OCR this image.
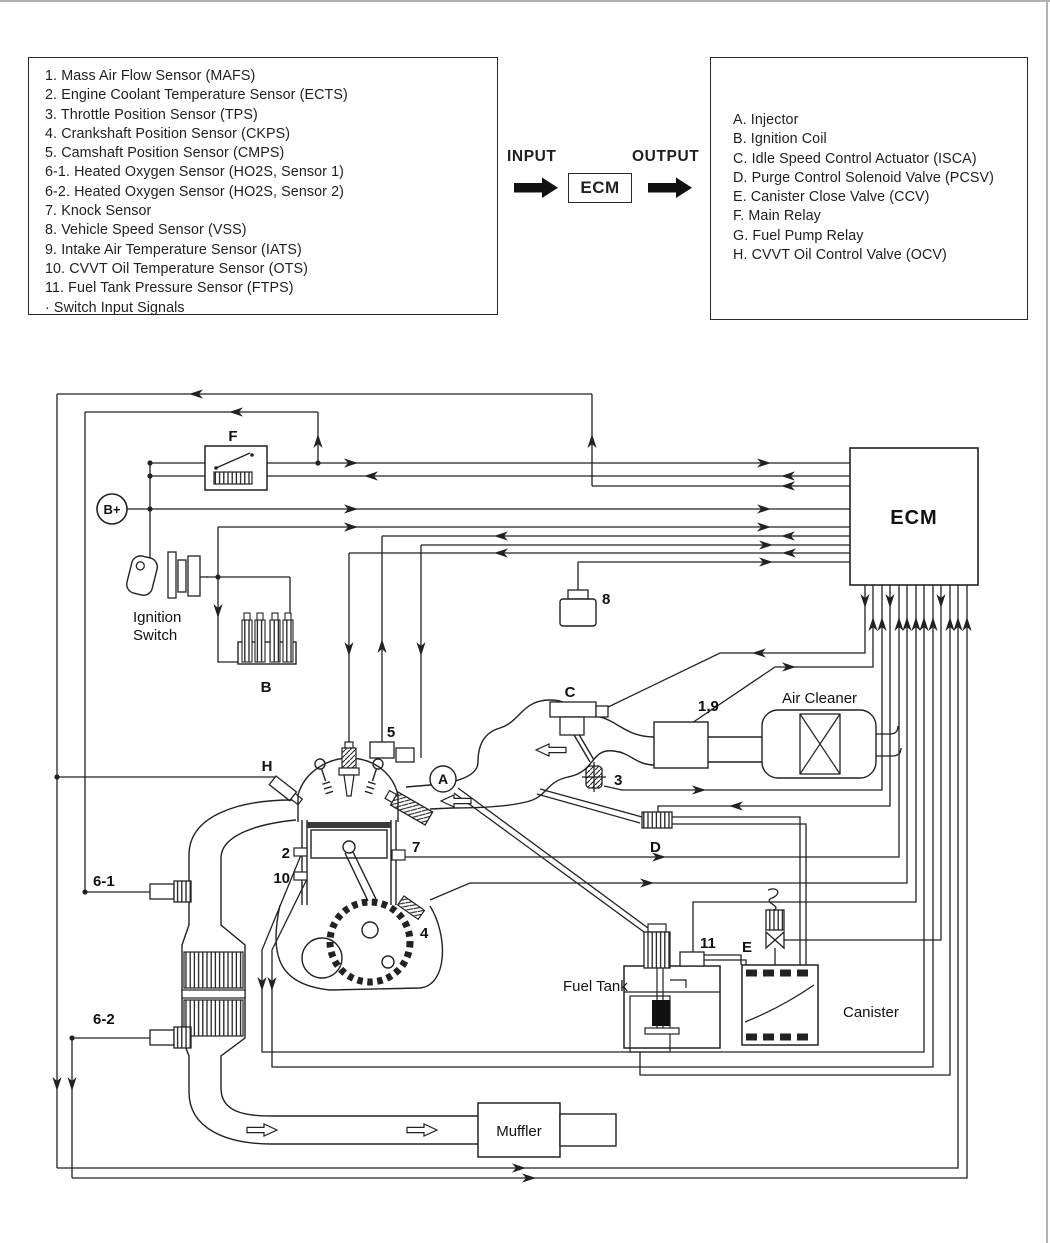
1. Mass Air Flow Sensor (MAFS)
2. Engine Coolant Temperature Sensor (ECTS)
3. Throttle Position Sensor (TPS)
4. Crankshaft Position Sensor (CKPS)
5. Camshaft Position Sensor (CMPS)
6-1. Heated Oxygen Sensor (HO2S, Sensor 1)
6-2. Heated Oxygen Sensor (HO2S, Sensor 2)
7. Knock Sensor
8. Vehicle Speed Sensor (VSS)
9. Intake Air Temperature Sensor (IATS)
10. CVVT Oil Temperature Sensor (OTS)
11. Fuel Tank Pressure Sensor (FTPS)
· Switch Input Signals
A. Injector
B. Ignition Coil
C. Idle Speed Control Actuator (ISCA)
D. Purge Control Solenoid Valve (PCSV)
E. Canister Close Valve (CCV)
F. Main Relay
G. Fuel Pump Relay
H. CVVT Oil Control Valve (OCV)
INPUT	OUTPUT
ECM
ECM
F
B+
Ignition
Switch
B
8
C
3
1,9	Air Cleaner
5
H
A
2
10
7
4
6-1
6-2
Muffler
D
Fuel Tank
11 E
Canister
